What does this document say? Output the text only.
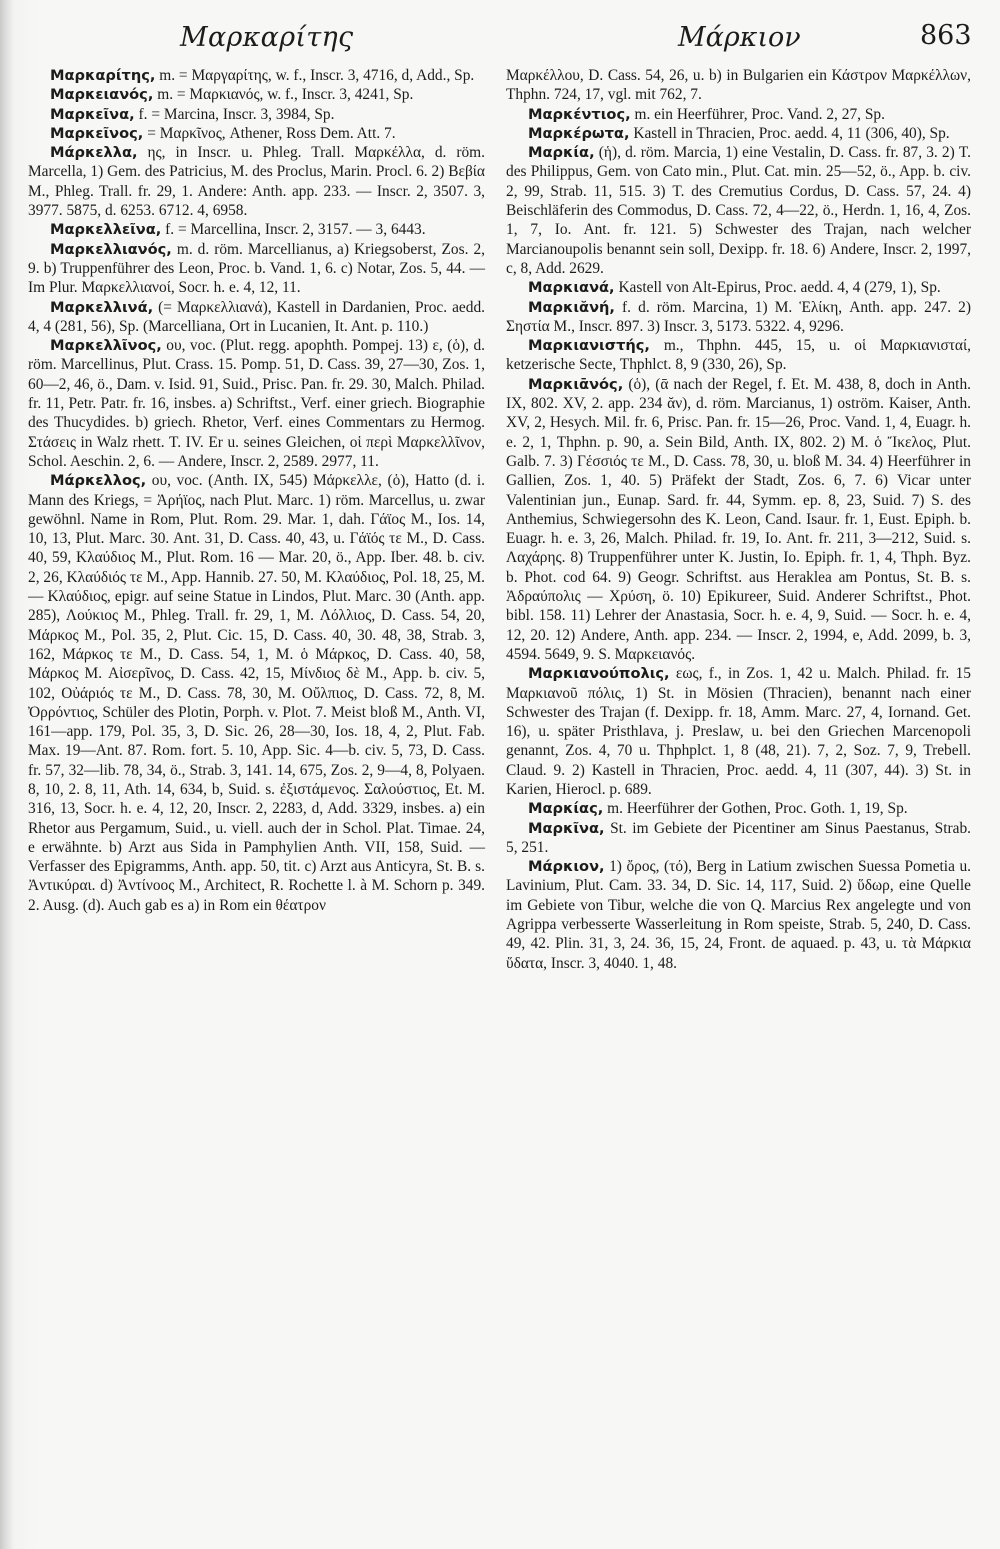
Μαρκαρίτης	Μάρκιον	863

Μαρκαρίτης, m. = Μαργαρίτης, w. f., Inscr. 3, 4716, d, Add., Sp.

Μαρκειανός, m. = Μαρκιανός, w. f., Inscr. 3, 4241, Sp.

Μαρκεῖνα, f. = Marcina, Inscr. 3, 3984, Sp.

Μαρκεῖνος, = Μαρκῖνος, Athener, Ross Dem. Att. 7.

Μάρκελλα, ης, in Inscr. u. Phleg. Trall. Μαρκέλλα, d. röm. Marcella, 1) Gem. des Patricius, M. des Proclus, Marin. Procl. 6. 2) Βεβία M., Phleg. Trall. fr. 29, 1. Andere: Anth. app. 233. — Inscr. 2, 3507. 3, 3977. 5875, d. 6253. 6712. 4, 6958.

Μαρκελλεῖνα, f. = Marcellina, Inscr. 2, 3157. — 3, 6443.

Μαρκελλιανός, m. d. röm. Marcellianus, a) Kriegsoberst, Zos. 2, 9. b) Truppenführer des Leon, Proc. b. Vand. 1, 6. c) Notar, Zos. 5, 44. — Im Plur. Μαρκελλιανοί, Socr. h. e. 4, 12, 11.

Μαρκελλινά, (= Μαρκελλιανά), Kastell in Dardanien, Proc. aedd. 4, 4 (281, 56), Sp. (Marcelliana, Ort in Lucanien, It. Ant. p. 110.)

Μαρκελλῖνος, ου, voc. (Plut. regg. apophth. Pompej. 13) ε, (ὁ), d. röm. Marcellinus, Plut. Crass. 15. Pomp. 51, D. Cass. 39, 27—30, Zos. 1, 60—2, 46, ö., Dam. v. Isid. 91, Suid., Prisc. Pan. fr. 29. 30, Malch. Philad. fr. 11, Petr. Patr. fr. 16, insbes. a) Schriftst., Verf. einer griech. Biographie des Thucydides. b) griech. Rhetor, Verf. eines Commentars zu Hermog. Στάσεις in Walz rhett. T. IV. Er u. seines Gleichen, οἱ περὶ Μαρκελλῖνον, Schol. Aeschin. 2, 6. — Andere, Inscr. 2, 2589. 2977, 11.

Μάρκελλος, ου, voc. (Anth. IX, 545) Μάρκελλε, (ὁ), Hatto (d. i. Mann des Kriegs, = Ἀρήϊος, nach Plut. Marc. 1) röm. Marcellus, u. zwar gewöhnl. Name in Rom, Plut. Rom. 29. Mar. 1, dah. Γάϊος M., Ios. 14, 10, 13, Plut. Marc. 30. Ant. 31, D. Cass. 40, 43, u. Γάϊός τε M., D. Cass. 40, 59, Κλαύδιος M., Plut. Rom. 16 — Mar. 20, ö., App. Iber. 48. b. civ. 2, 26, Κλαύδιός τε M., App. Hannib. 27. 50, M. Κλαύδιος, Pol. 18, 25, M. — Κλαύδιος, epigr. auf seine Statue in Lindos, Plut. Marc. 30 (Anth. app. 285), Λούκιος M., Phleg. Trall. fr. 29, 1, M. Λόλλιος, D. Cass. 54, 20, Μάρκος M., Pol. 35, 2, Plut. Cic. 15, D. Cass. 40, 30. 48, 38, Strab. 3, 162, Μάρκος τε M., D. Cass. 54, 1, M. ὁ Μάρκος, D. Cass. 40, 58, Μάρκος M. Αἰσερῖνος, D. Cass. 42, 15, Μίνδιος δὲ M., App. b. civ. 5, 102, Οὐάριός τε M., D. Cass. 78, 30, M. Οὔλπιος, D. Cass. 72, 8, M. Ὀρρόντιος, Schüler des Plotin, Porph. v. Plot. 7. Meist bloß M., Anth. VI, 161—app. 179, Pol. 35, 3, D. Sic. 26, 28—30, Ios. 18, 4, 2, Plut. Fab. Max. 19—Ant. 87. Rom. fort. 5. 10, App. Sic. 4—b. civ. 5, 73, D. Cass. fr. 57, 32—lib. 78, 34, ö., Strab. 3, 141. 14, 675, Zos. 2, 9—4, 8, Polyaen. 8, 10, 2. 8, 11, Ath. 14, 634, b, Suid. s. ἐξιστάμενος. Σαλούστιος, Et. M. 316, 13, Socr. h. e. 4, 12, 20, Inscr. 2, 2283, d, Add. 3329, insbes. a) ein Rhetor aus Pergamum, Suid., u. viell. auch der in Schol. Plat. Timae. 24, e erwähnte. b) Arzt aus Sida in Pamphylien Anth. VII, 158, Suid. — Verfasser des Epigramms, Anth. app. 50, tit. c) Arzt aus Anticyra, St. B. s. Ἀντικύραι. d) Ἀντίνοος M., Architect, R. Rochette l. à M. Schorn p. 349. 2. Ausg. (d). Auch gab es a) in Rom ein θέατρον

Μαρκέλλου, D. Cass. 54, 26, u. b) in Bulgarien ein Κάστρον Μαρκέλλων, Thphn. 724, 17, vgl. mit 762, 7.

Μαρκέντιος, m. ein Heerführer, Proc. Vand. 2, 27, Sp.

Μαρκέρωτα, Kastell in Thracien, Proc. aedd. 4, 11 (306, 40), Sp.

Μαρκία, (ἡ), d. röm. Marcia, 1) eine Vestalin, D. Cass. fr. 87, 3. 2) T. des Philippus, Gem. von Cato min., Plut. Cat. min. 25—52, ö., App. b. civ. 2, 99, Strab. 11, 515. 3) T. des Cremutius Cordus, D. Cass. 57, 24. 4) Beischläferin des Commodus, D. Cass. 72, 4—22, ö., Herdn. 1, 16, 4, Zos. 1, 7, Io. Ant. fr. 121. 5) Schwester des Trajan, nach welcher Marcianoupolis benannt sein soll, Dexipp. fr. 18. 6) Andere, Inscr. 2, 1997, c, 8, Add. 2629.

Μαρκιανά, Kastell von Alt-Epirus, Proc. aedd. 4, 4 (279, 1), Sp.

Μαρκιᾰνή, f. d. röm. Marcina, 1) M. Ἑλίκη, Anth. app. 247. 2) Σηστία M., Inscr. 897. 3) Inscr. 3, 5173. 5322. 4, 9296.

Μαρκιανιστής, m., Thphn. 445, 15, u. οἱ Μαρκιανισταί, ketzerische Secte, Thphlct. 8, 9 (330, 26), Sp.

Μαρκιᾱνός, (ὁ), (ᾱ nach der Regel, f. Et. M. 438, 8, doch in Anth. IX, 802. XV, 2. app. 234 ᾰν), d. röm. Marcianus, 1) oström. Kaiser, Anth. XV, 2, Hesych. Mil. fr. 6, Prisc. Pan. fr. 15—26, Proc. Vand. 1, 4, Euagr. h. e. 2, 1, Thphn. p. 90, a. Sein Bild, Anth. IX, 802. 2) M. ὁ Ἴκελος, Plut. Galb. 7. 3) Γέσσιός τε M., D. Cass. 78, 30, u. bloß M. 34. 4) Heerführer in Gallien, Zos. 1, 40. 5) Präfekt der Stadt, Zos. 6, 7. 6) Vicar unter Valentinian jun., Eunap. Sard. fr. 44, Symm. ep. 8, 23, Suid. 7) S. des Anthemius, Schwiegersohn des K. Leon, Cand. Isaur. fr. 1, Eust. Epiph. b. Euagr. h. e. 3, 26, Malch. Philad. fr. 19, Io. Ant. fr. 211, 3—212, Suid. s. Λαχάρης. 8) Truppenführer unter K. Justin, Io. Epiph. fr. 1, 4, Thph. Byz. b. Phot. cod 64. 9) Geogr. Schriftst. aus Heraklea am Pontus, St. B. s. Ἀδραύπολις — Χρύση, ö. 10) Epikureer, Suid. Anderer Schriftst., Phot. bibl. 158. 11) Lehrer der Anastasia, Socr. h. e. 4, 9, Suid. — Socr. h. e. 4, 12, 20. 12) Andere, Anth. app. 234. — Inscr. 2, 1994, e, Add. 2099, b. 3, 4594. 5649, 9. S. Μαρκειανός.

Μαρκιανούπολις, εως, f., in Zos. 1, 42 u. Malch. Philad. fr. 15 Μαρκιανοῦ πόλις, 1) St. in Mösien (Thracien), benannt nach einer Schwester des Trajan (f. Dexipp. fr. 18, Amm. Marc. 27, 4, Iornand. Get. 16), u. später Pristhlava, j. Preslaw, u. bei den Griechen Marcenopoli genannt, Zos. 4, 70 u. Thphplct. 1, 8 (48, 21). 7, 2, Soz. 7, 9, Trebell. Claud. 9. 2) Kastell in Thracien, Proc. aedd. 4, 11 (307, 44). 3) St. in Karien, Hierocl. p. 689.

Μαρκίας, m. Heerführer der Gothen, Proc. Goth. 1, 19, Sp.

Μαρκῖνα, St. im Gebiete der Picentiner am Sinus Paestanus, Strab. 5, 251.

Μάρκιον, 1) ὄρος, (τό), Berg in Latium zwischen Suessa Pometia u. Lavinium, Plut. Cam. 33. 34, D. Sic. 14, 117, Suid. 2) ὕδωρ, eine Quelle im Gebiete von Tibur, welche die von Q. Marcius Rex angelegte und von Agrippa verbesserte Wasserleitung in Rom speiste, Strab. 5, 240, D. Cass. 49, 42. Plin. 31, 3, 24. 36, 15, 24, Front. de aquaed. p. 43, u. τὰ Μάρκια ὕδατα, Inscr. 3, 4040. 1, 48.
